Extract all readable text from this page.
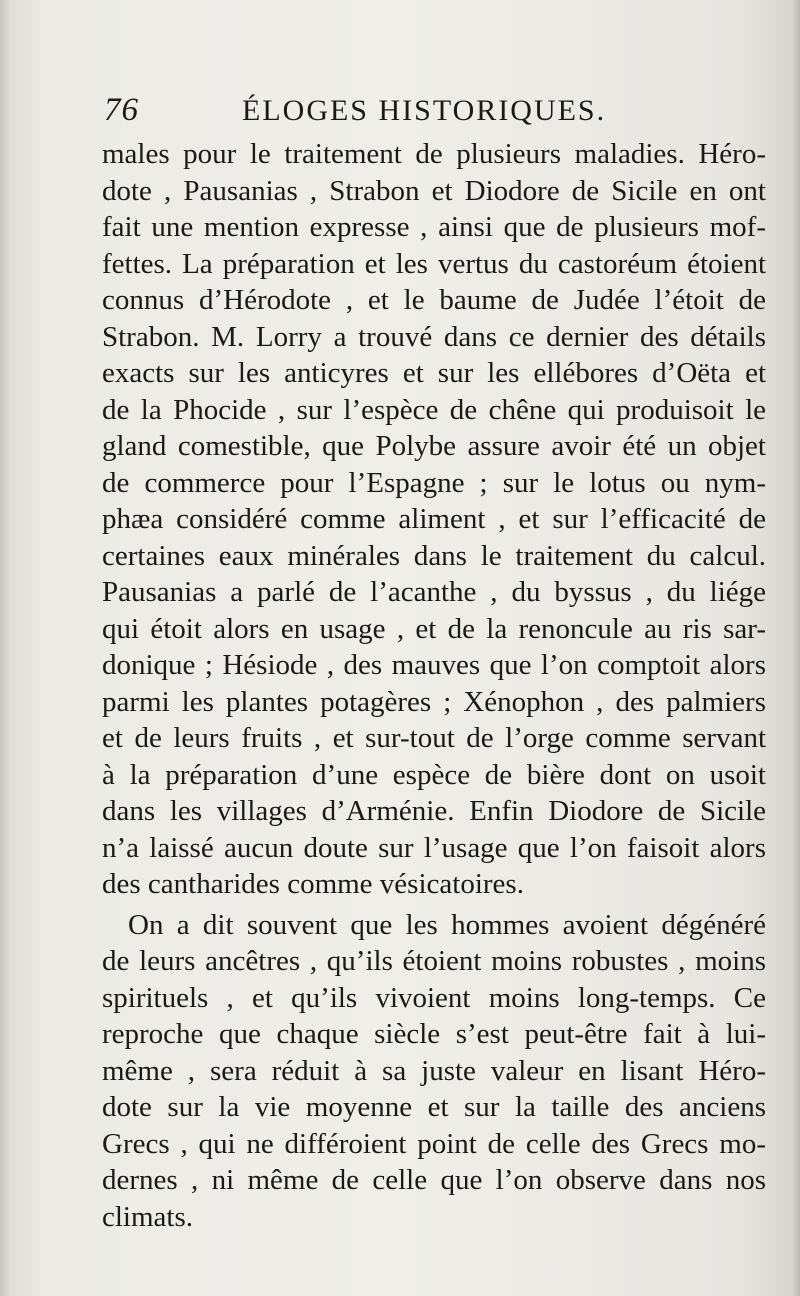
76	ÉLOGES HISTORIQUES.
males pour le traitement de plusieurs maladies. Héro-
dote , Pausanias , Strabon et Diodore de Sicile en ont
fait une mention expresse , ainsi que de plusieurs mof-
fettes. La préparation et les vertus du castoréum étoient
connus d’Hérodote , et le baume de Judée l’étoit de
Strabon. M. Lorry a trouvé dans ce dernier des détails
exacts sur les anticyres et sur les ellébores d’Oëta et
de la Phocide , sur l’espèce de chêne qui produisoit le
gland comestible, que Polybe assure avoir été un objet
de commerce pour l’Espagne ; sur le lotus ou nym-
phæa considéré comme aliment , et sur l’efficacité de
certaines eaux minérales dans le traitement du calcul.
Pausanias a parlé de l’acanthe , du byssus , du liége
qui étoit alors en usage , et de la renoncule au ris sar-
donique ; Hésiode , des mauves que l’on comptoit alors
parmi les plantes potagères ; Xénophon , des palmiers
et de leurs fruits , et sur-tout de l’orge comme servant
à la préparation d’une espèce de bière dont on usoit
dans les villages d’Arménie. Enfin Diodore de Sicile
n’a laissé aucun doute sur l’usage que l’on faisoit alors
des cantharides comme vésicatoires.
On a dit souvent que les hommes avoient dégénéré
de leurs ancêtres , qu’ils étoient moins robustes , moins
spirituels , et qu’ils vivoient moins long-temps. Ce
reproche que chaque siècle s’est peut-être fait à lui-
même , sera réduit à sa juste valeur en lisant Héro-
dote sur la vie moyenne et sur la taille des anciens
Grecs , qui ne différoient point de celle des Grecs mo-
dernes , ni même de celle que l’on observe dans nos
climats.
